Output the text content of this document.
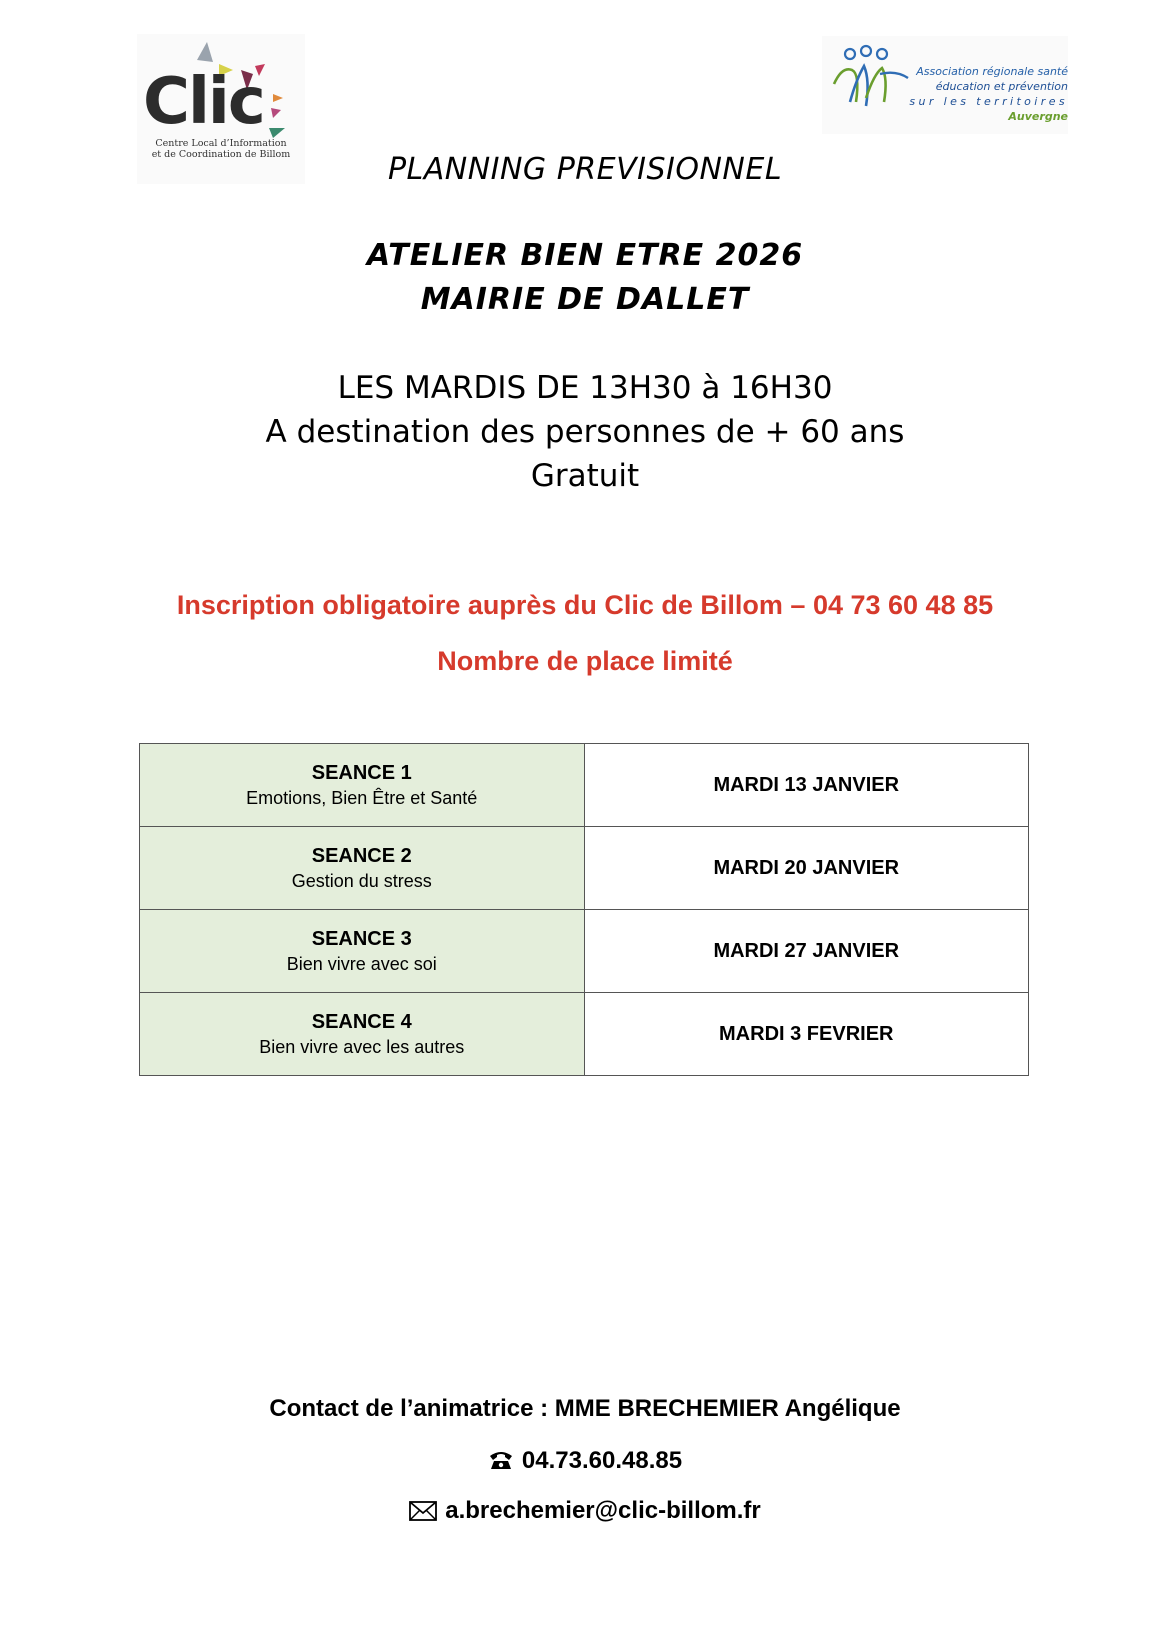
Clic
Centre Local d’Information
et de Coordination de Billom
Association régionale santé
éducation et prévention
sur les territoires
Auvergne
PLANNING PREVISIONNEL
ATELIER BIEN ETRE 2026
MAIRIE DE DALLET
LES MARDIS DE 13H30 à 16H30
A destination des personnes de + 60 ans
Gratuit
Inscription obligatoire auprès du Clic de Billom – 04 73 60 48 85
Nombre de place limité
SEANCE 1
Emotions, Bien Être et Santé	MARDI 13 JANVIER

SEANCE 2
Gestion du stress	MARDI 20 JANVIER

SEANCE 3
Bien vivre avec soi	MARDI 27 JANVIER

SEANCE 4
Bien vivre avec les autres	MARDI 3 FEVRIER
Contact de l’animatrice : MME BRECHEMIER Angélique
04.73.60.48.85
a.brechemier@clic-billom.fr
